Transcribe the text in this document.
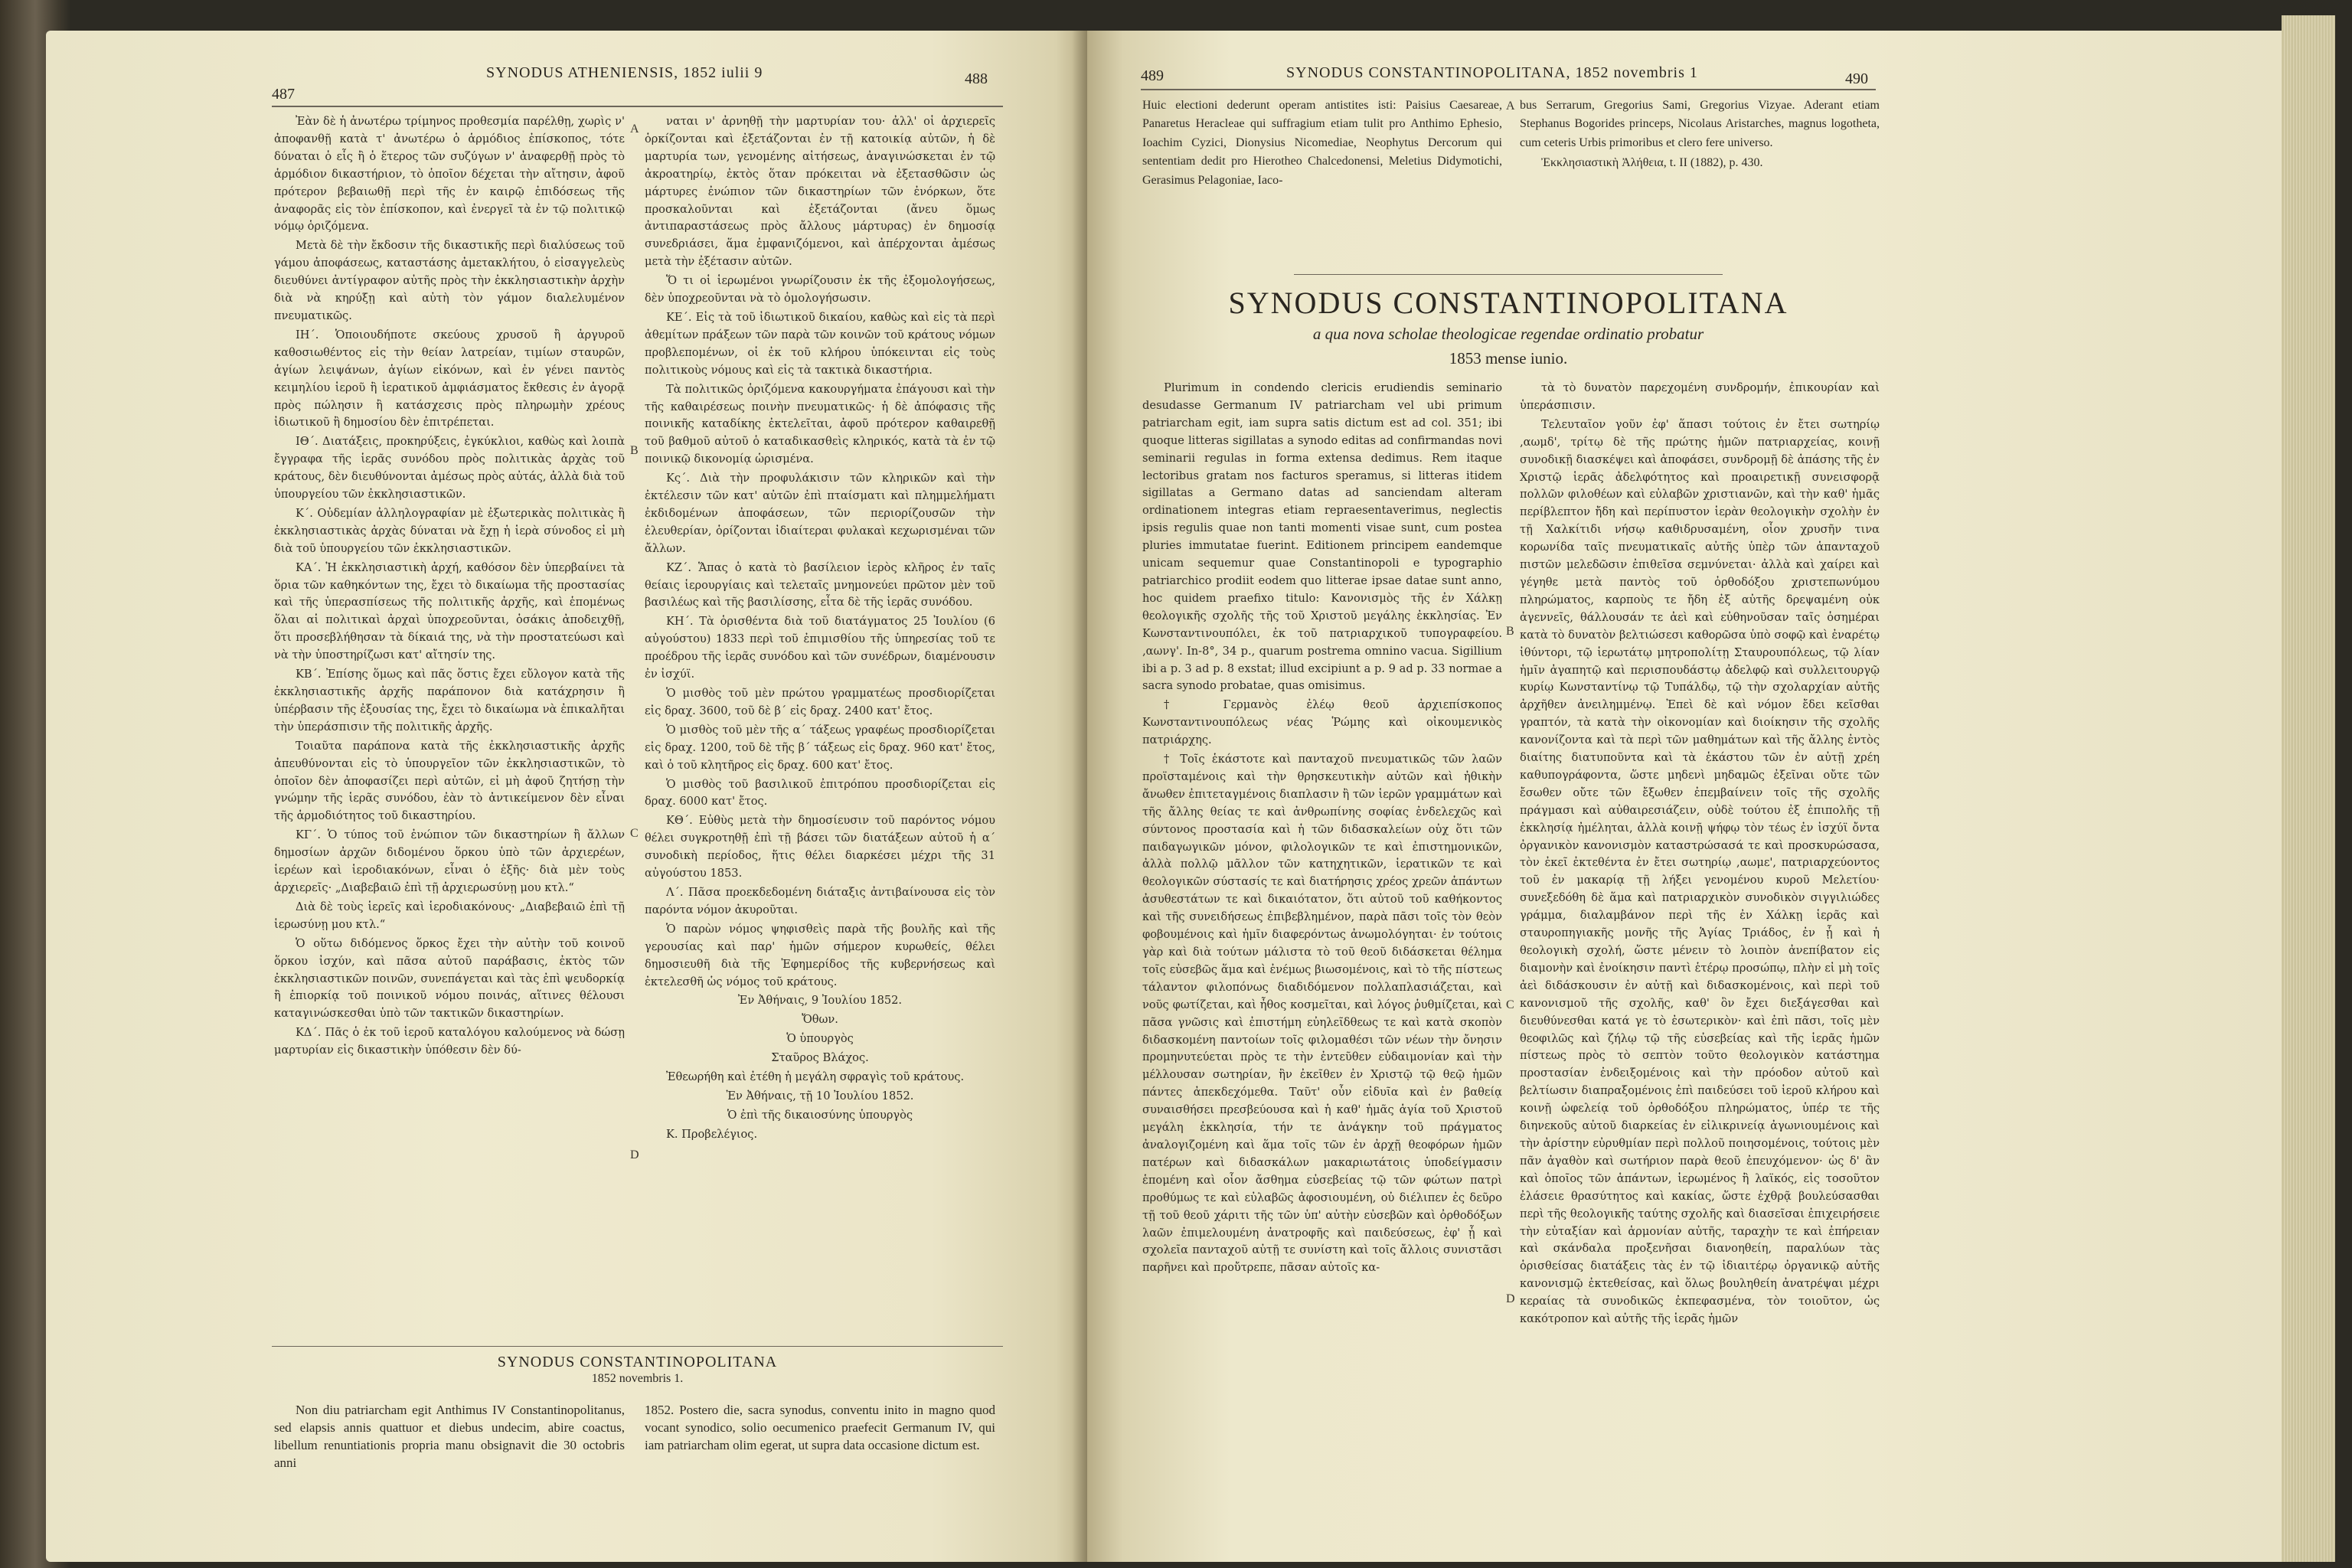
487
SYNODUS ATHENIENSIS, 1852 iulii 9	488

Ἐὰν δὲ ἡ ἀνωτέρω τρίμηνος προθεσμία παρέλθῃ, χωρὶς ν' ἀποφανθῇ κατὰ τ' ἀνωτέρω ὁ ἁρμόδιος ἐπίσκοπος, τότε δύναται ὁ εἷς ἢ ὁ ἕτερος τῶν συζύγων ν' ἀναφερθῇ πρὸς τὸ ἁρμόδιον δικαστήριον, τὸ ὁποῖον δέχεται τὴν αἴτησιν, ἀφοῦ πρότερον βεβαιωθῇ περὶ τῆς ἐν καιρῷ ἐπιδόσεως τῆς ἀναφορᾶς εἰς τὸν ἐπίσκοπον, καὶ ἐνεργεῖ τὰ ἐν τῷ πολιτικῷ νόμῳ ὁριζόμενα.

Μετὰ δὲ τὴν ἔκδοσιν τῆς δικαστικῆς περὶ διαλύσεως τοῦ γάμου ἀποφάσεως, καταστάσης ἀμετακλήτου, ὁ εἰσαγγελεὺς διευθύνει ἀντίγραφον αὐτῆς πρὸς τὴν ἐκκλησιαστικὴν ἀρχὴν διὰ νὰ κηρύξῃ καὶ αὐτὴ τὸν γάμον διαλελυμένον πνευματικῶς.

ΙΗ΄. Ὁποιουδήποτε σκεύους χρυσοῦ ἢ ἀργυροῦ καθοσιωθέντος εἰς τὴν θείαν λατρείαν, τιμίων σταυρῶν, ἁγίων λειψάνων, ἁγίων εἰκόνων, καὶ ἐν γένει παντὸς κειμηλίου ἱεροῦ ἢ ἱερατικοῦ ἀμφιάσματος ἔκθεσις ἐν ἀγορᾷ πρὸς πώλησιν ἢ κατάσχεσις πρὸς πληρωμὴν χρέους ἰδιωτικοῦ ἢ δημοσίου δὲν ἐπιτρέπεται.

ΙΘ΄. Διατάξεις, προκηρύξεις, ἐγκύκλιοι, καθὼς καὶ λοιπὰ ἔγγραφα τῆς ἱερᾶς συνόδου πρὸς πολιτικὰς ἀρχὰς τοῦ κράτους, δὲν διευθύνονται ἀμέσως πρὸς αὐτάς, ἀλλὰ διὰ τοῦ ὑπουργείου τῶν ἐκκλησιαστικῶν.

Κ΄. Οὐδεμίαν ἀλληλογραφίαν μὲ ἐξωτερικὰς πολιτικὰς ἢ ἐκκλησιαστικὰς ἀρχὰς δύναται νὰ ἔχῃ ἡ ἱερὰ σύνοδος εἰ μὴ διὰ τοῦ ὑπουργείου τῶν ἐκκλησιαστικῶν.

ΚΑ΄. Ἡ ἐκκλησιαστικὴ ἀρχή, καθόσον δὲν ὑπερβαίνει τὰ ὅρια τῶν καθηκόντων της, ἔχει τὸ δικαίωμα τῆς προστασίας καὶ τῆς ὑπερασπίσεως τῆς πολιτικῆς ἀρχῆς, καὶ ἑπομένως ὅλαι αἱ πολιτικαὶ ἀρχαὶ ὑποχρεοῦνται, ὁσάκις ἀποδειχθῇ, ὅτι προσεβλήθησαν τὰ δίκαιά της, νὰ τὴν προστατεύωσι καὶ νὰ τὴν ὑποστηρίζωσι κατ' αἴτησίν της.

ΚΒ΄. Ἐπίσης ὅμως καὶ πᾶς ὅστις ἔχει εὔλογον κατὰ τῆς ἐκκλησιαστικῆς ἀρχῆς παράπονον διὰ κατάχρησιν ἢ ὑπέρβασιν τῆς ἐξουσίας της, ἔχει τὸ δικαίωμα νὰ ἐπικαλῆται τὴν ὑπεράσπισιν τῆς πολιτικῆς ἀρχῆς.

Τοιαῦτα παράπονα κατὰ τῆς ἐκκλησιαστικῆς ἀρχῆς ἀπευθύνονται εἰς τὸ ὑπουργεῖον τῶν ἐκκλησιαστικῶν, τὸ ὁποῖον δὲν ἀποφασίζει περὶ αὐτῶν, εἰ μὴ ἀφοῦ ζητήσῃ τὴν γνώμην τῆς ἱερᾶς συνόδου, ἐὰν τὸ ἀντικείμενον δὲν εἶναι τῆς ἁρμοδιότητος τοῦ δικαστηρίου.

ΚΓ΄. Ὁ τύπος τοῦ ἐνώπιον τῶν δικαστηρίων ἢ ἄλλων δημοσίων ἀρχῶν διδομένου ὅρκου ὑπὸ τῶν ἀρχιερέων, ἱερέων καὶ ἱεροδιακόνων, εἶναι ὁ ἑξῆς· διὰ μὲν τοὺς ἀρχιερεῖς· „Διαβεβαιῶ ἐπὶ τῇ ἀρχιερωσύνῃ μου κτλ.“

Διὰ δὲ τοὺς ἱερεῖς καὶ ἱεροδιακόνους· „Διαβεβαιῶ ἐπὶ τῇ ἱερωσύνῃ μου κτλ.“

Ὁ οὕτω διδόμενος ὅρκος ἔχει τὴν αὐτὴν τοῦ κοινοῦ ὅρκου ἰσχύν, καὶ πᾶσα αὐτοῦ παράβασις, ἐκτὸς τῶν ἐκκλησιαστικῶν ποινῶν, συνεπάγεται καὶ τὰς ἐπὶ ψευδορκίᾳ ἢ ἐπιορκίᾳ τοῦ ποινικοῦ νόμου ποινάς, αἵτινες θέλουσι καταγινώσκεσθαι ὑπὸ τῶν τακτικῶν δικαστηρίων.

ΚΔ΄. Πᾶς ὁ ἐκ τοῦ ἱεροῦ καταλόγου καλούμενος νὰ δώσῃ μαρτυρίαν εἰς δικαστικὴν ὑπόθεσιν δὲν δύ-

ναται ν' ἀρνηθῇ τὴν μαρτυρίαν του· ἀλλ' οἱ ἀρχιερεῖς ὁρκίζονται καὶ ἐξετάζονται ἐν τῇ κατοικίᾳ αὐτῶν, ἡ δὲ μαρτυρία των, γενομένης αἰτήσεως, ἀναγινώσκεται ἐν τῷ ἀκροατηρίῳ, ἐκτὸς ὅταν πρόκειται νὰ ἐξετασθῶσιν ὡς μάρτυρες ἐνώπιον τῶν δικαστηρίων τῶν ἐνόρκων, ὅτε προσκαλοῦνται καὶ ἐξετάζονται (ἄνευ ὅμως ἀντιπαραστάσεως πρὸς ἄλλους μάρτυρας) ἐν δημοσίᾳ συνεδριάσει, ἅμα ἐμφανιζόμενοι, καὶ ἀπέρχονται ἀμέσως μετὰ τὴν ἐξέτασιν αὐτῶν.

Ὅ τι οἱ ἱερωμένοι γνωρίζουσιν ἐκ τῆς ἐξομολογήσεως, δὲν ὑποχρεοῦνται νὰ τὸ ὁμολογήσωσιν.

ΚΕ΄. Εἰς τὰ τοῦ ἰδιωτικοῦ δικαίου, καθὼς καὶ εἰς τὰ περὶ ἀθεμίτων πράξεων τῶν παρὰ τῶν κοινῶν τοῦ κράτους νόμων προβλεπομένων, οἱ ἐκ τοῦ κλήρου ὑπόκεινται εἰς τοὺς πολιτικοὺς νόμους καὶ εἰς τὰ τακτικὰ δικαστήρια.

Τὰ πολιτικῶς ὁριζόμενα κακουργήματα ἐπάγουσι καὶ τὴν τῆς καθαιρέσεως ποινὴν πνευματικῶς· ἡ δὲ ἀπόφασις τῆς ποινικῆς καταδίκης ἐκτελεῖται, ἀφοῦ πρότερον καθαιρεθῇ τοῦ βαθμοῦ αὐτοῦ ὁ καταδικασθεὶς κληρικός, κατὰ τὰ ἐν τῷ ποινικῷ δικονομίᾳ ὡρισμένα.

Κς΄. Διὰ τὴν προφυλάκισιν τῶν κληρικῶν καὶ τὴν ἐκτέλεσιν τῶν κατ' αὐτῶν ἐπὶ πταίσματι καὶ πλημμελήματι ἐκδιδομένων ἀποφάσεων, τῶν περιορίζουσῶν τὴν ἐλευθερίαν, ὁρίζονται ἰδιαίτεραι φυλακαὶ κεχωρισμέναι τῶν ἄλλων.

ΚΖ΄. Ἅπας ὁ κατὰ τὸ βασίλειον ἱερὸς κλῆρος ἐν ταῖς θείαις ἱερουργίαις καὶ τελεταῖς μνημονεύει πρῶτον μὲν τοῦ βασιλέως καὶ τῆς βασιλίσσης, εἶτα δὲ τῆς ἱερᾶς συνόδου.

ΚΗ΄. Τὰ ὁρισθέντα διὰ τοῦ διατάγματος 25 Ἰουλίου (6 αὐγούστου) 1833 περὶ τοῦ ἐπιμισθίου τῆς ὑπηρεσίας τοῦ τε προέδρου τῆς ἱερᾶς συνόδου καὶ τῶν συνέδρων, διαμένουσιν ἐν ἰσχύϊ.

Ὁ μισθὸς τοῦ μὲν πρώτου γραμματέως προσδιορίζεται εἰς δραχ. 3600, τοῦ δὲ β΄ εἰς δραχ. 2400 κατ' ἔτος.

Ὁ μισθὸς τοῦ μὲν τῆς α΄ τάξεως γραφέως προσδιορίζεται εἰς δραχ. 1200, τοῦ δὲ τῆς β΄ τάξεως εἰς δραχ. 960 κατ' ἔτος, καὶ ὁ τοῦ κλητῆρος εἰς δραχ. 600 κατ' ἔτος.

Ὁ μισθὸς τοῦ βασιλικοῦ ἐπιτρόπου προσδιορίζεται εἰς δραχ. 6000 κατ' ἔτος.

ΚΘ΄. Εὐθὺς μετὰ τὴν δημοσίευσιν τοῦ παρόντος νόμου θέλει συγκροτηθῇ ἐπὶ τῇ βάσει τῶν διατάξεων αὐτοῦ ἡ α΄ συνοδικὴ περίοδος, ἥτις θέλει διαρκέσει μέχρι τῆς 31 αὐγούστου 1853.

Λ΄. Πᾶσα προεκδεδομένη διάταξις ἀντιβαίνουσα εἰς τὸν παρόντα νόμον ἀκυροῦται.

Ὁ παρὼν νόμος ψηφισθεὶς παρὰ τῆς βουλῆς καὶ τῆς γερουσίας καὶ παρ' ἡμῶν σήμερον κυρωθείς, θέλει δημοσιευθῆ διὰ τῆς Ἐφημερίδος τῆς κυβερνήσεως καὶ ἐκτελεσθῆ ὡς νόμος τοῦ κράτους.

Ἐν Ἀθήναις, 9 Ἰουλίου 1852.

Ὄθων.

Ὁ ὑπουργὸς

Σταῦρος Βλάχος.

Ἐθεωρήθη καὶ ἐτέθη ἡ μεγάλη σφραγὶς τοῦ κράτους.

Ἐν Ἀθήναις, τῇ 10 Ἰουλίου 1852.

Ὁ ἐπὶ τῆς δικαιοσύνης ὑπουργὸς

Κ. Προβελέγιος.

A
B
C
D
SYNODUS CONSTANTINOPOLITANA
1852 novembris 1.

Non diu patriarcham egit Anthimus IV Constantinopolitanus, sed elapsis annis quattuor et diebus undecim, abire coactus, libellum renuntiationis propria manu obsignavit die 30 octobris anni

1852. Postero die, sacra synodus, conventu inito in magno quod vocant synodico, solio oecumenico praefecit Germanum IV, qui iam patriarcham olim egerat, ut supra data occasione dictum est.

489	SYNODUS CONSTANTINOPOLITANA, 1852 novembris 1	490

Huic electioni dederunt operam antistites isti: Paisius Caesareae, Panaretus Heracleae qui suffragium etiam tulit pro Anthimo Ephesio, Ioachim Cyzici, Dionysius Nicomediae, Neophytus Dercorum qui sententiam dedit pro Hierotheo Chalcedonensi, Meletius Didymotichi, Gerasimus Pelagoniae, Iaco-

bus Serrarum, Gregorius Sami, Gregorius Vizyae. Aderant etiam Stephanus Bogorides princeps, Nicolaus Aristarches, magnus logotheta, cum ceteris Urbis primoribus et clero fere universo.

Ἐκκλησιαστικὴ Ἀλήθεια, t. II (1882), p. 430.

SYNODUS CONSTANTINOPOLITANA
a qua nova scholae theologicae regendae ordinatio probatur
1853 mense iunio.

Plurimum in condendo clericis erudiendis seminario desudasse Germanum IV patriarcham vel ubi primum patriarcham egit, iam supra satis dictum est ad col. 351; ibi quoque litteras sigillatas a synodo editas ad confirmandas novi seminarii regulas in forma extensa dedimus. Rem itaque lectoribus gratam nos facturos speramus, si litteras itidem sigillatas a Germano datas ad sanciendam alteram ordinationem integras etiam repraesentaverimus, neglectis ipsis regulis quae non tanti momenti visae sunt, cum postea pluries immutatae fuerint. Editionem principem eandemque unicam sequemur quae Constantinopoli e typographio patriarchico prodiit eodem quo litterae ipsae datae sunt anno, hoc quidem praefixo titulo: Κανονισμὸς τῆς ἐν Χάλκῃ θεολογικῆς σχολῆς τῆς τοῦ Χριστοῦ μεγάλης ἐκκλησίας. Ἐν Κωνσταντινουπόλει, ἐκ τοῦ πατριαρχικοῦ τυπογραφείου. ‚αωνγ'. In-8°, 34 p., quarum postrema omnino vacua. Sigillium ibi a p. 3 ad p. 8 exstat; illud excipiunt a p. 9 ad p. 33 normae a sacra synodo probatae, quas omisimus.

† Γερμανὸς ἐλέῳ θεοῦ ἀρχιεπίσκοπος Κωνσταντινουπόλεως νέας Ῥώμης καὶ οἰκουμενικὸς πατριάρχης.

† Τοῖς ἑκάστοτε καὶ πανταχοῦ πνευματικῶς τῶν λαῶν προϊσταμένοις καὶ τὴν θρησκευτικὴν αὐτῶν καὶ ἠθικὴν ἄνωθεν ἐπιτεταγμένοις διαπλασιν ἢ τῶν ἱερῶν γραμμάτων καὶ τῆς ἄλλης θείας τε καὶ ἀνθρωπίνης σοφίας ἐνδελεχῶς καὶ σύντονος προστασία καὶ ἡ τῶν διδασκαλείων οὐχ ὅτι τῶν παιδαγωγικῶν μόνον, φιλολογικῶν τε καὶ ἐπιστημονικῶν, ἀλλὰ πολλῷ μᾶλλον τῶν κατηχητικῶν, ἱερατικῶν τε καὶ θεολογικῶν σύστασίς τε καὶ διατήρησις χρέος χρεῶν ἁπάντων ἀσυθεστάτων τε καὶ δικαιότατον, ὅτι αὐτοῦ τοῦ καθήκοντος καὶ τῆς συνειδήσεως ἐπιβεβλημένον, παρὰ πᾶσι τοῖς τὸν θεὸν φοβουμένοις καὶ ἡμῖν διαφερόντως ἀνωμολόγηται· ἐν τούτοις γὰρ καὶ διὰ τούτων μάλιστα τὸ τοῦ θεοῦ διδάσκεται θέλημα τοῖς εὐσεβῶς ἅμα καὶ ἐνέμως βιωσομένοις, καὶ τὸ τῆς πίστεως τάλαντον φιλοπόνως διαδιδόμενον πολλαπλασιάζεται, καὶ νοῦς φωτίζεται, καὶ ἦθος κοσμεῖται, καὶ λόγος ῥυθμίζεται, καὶ πᾶσα γνῶσις καὶ ἐπιστήμη εὐηλεῖδθεως τε καὶ κατὰ σκοπὸν διδασκομένη παντοίων τοῖς φιλομαθέσι τῶν νέων τὴν ὄνησιν προμηνυτεύεται πρὸς τε τὴν ἐντεῦθεν εὐδαιμονίαν καὶ τὴν μέλλουσαν σωτηρίαν, ἣν ἐκεῖθεν ἐν Χριστῷ τῷ θεῷ ἡμῶν πάντες ἀπεκδεχόμεθα. Ταῦτ' οὖν εἰδυῖα καὶ ἐν βαθείᾳ συναισθήσει πρεσβεύουσα καὶ ἡ καθ' ἡμᾶς ἁγία τοῦ Χριστοῦ μεγάλη ἐκκλησία, τήν τε ἀνάγκην τοῦ πράγματος ἀναλογιζομένη καὶ ἅμα τοῖς τῶν ἐν ἀρχῇ θεοφόρων ἡμῶν πατέρων καὶ διδασκάλων μακαριωτάτοις ὑποδείγμασιν ἑπομένη καὶ οἷον ἄσθημα εὐσεβείας τῷ τῶν φώτων πατρὶ προθύμως τε καὶ εὐλαβῶς ἀφοσιουμένη, οὐ διέλιπεν ἐς δεῦρο τῇ τοῦ θεοῦ χάριτι τῆς τῶν ὑπ' αὐτὴν εὐσεβῶν καὶ ὀρθοδόξων λαῶν ἐπιμελουμένη ἀνατροφῆς καὶ παιδεύσεως, ἐφ' ᾗ καὶ σχολεῖα πανταχοῦ αὐτῇ τε συνίστη καὶ τοῖς ἄλλοις συνιστᾶσι παρῆνει καὶ προὔτρεπε, πᾶσαν αὐτοῖς κα-

τὰ τὸ δυνατὸν παρεχομένη συνδρομήν, ἐπικουρίαν καὶ ὑπεράσπισιν.

Τελευταῖον γοῦν ἐφ' ἅπασι τούτοις ἐν ἔτει σωτηρίῳ ‚αωμδ', τρίτῳ δὲ τῆς πρώτης ἡμῶν πατριαρχείας, κοινῇ συνοδικῇ διασκέψει καὶ ἀποφάσει, συνδρομῇ δὲ ἁπάσης τῆς ἐν Χριστῷ ἱερᾶς ἀδελφότητος καὶ προαιρετικῇ συνεισφορᾷ πολλῶν φιλοθέων καὶ εὐλαβῶν χριστιανῶν, καὶ τὴν καθ' ἡμᾶς περίβλεπτον ἤδη καὶ περίπυστον ἱερὰν θεολογικὴν σχολὴν ἐν τῇ Χαλκίτιδι νήσῳ καθιδρυσαμένη, οἷον χρυσῆν τινα κορωνίδα ταῖς πνευματικαῖς αὐτῆς ὑπὲρ τῶν ἁπανταχοῦ πιστῶν μελεδῶσιν ἐπιθεῖσα σεμνύνεται· ἀλλὰ καὶ χαίρει καὶ γέγηθε μετὰ παντὸς τοῦ ὀρθοδόξου χριστεπωνύμου πληρώματος, καρποὺς τε ἤδη ἐξ αὐτῆς δρεψαμένη οὐκ ἀγεννεῖς, θάλλουσάν τε ἀεὶ καὶ εὐθηνοῦσαν ταῖς ὁσημέραι κατὰ τὸ δυνατὸν βελτιώσεσι καθορῶσα ὑπὸ σοφῷ καὶ ἐναρέτῳ ἰθύντορι, τῷ ἱερωτάτῳ μητροπολίτῃ Σταυρουπόλεως, τῷ λίαν ἡμῖν ἀγαπητῷ καὶ περισπουδάστῳ ἀδελφῷ καὶ συλλειτουργῷ κυρίῳ Κωνσταντίνῳ τῷ Τυπάλδῳ, τῷ τὴν σχολαρχίαν αὐτῆς ἀρχῆθεν ἀνειλημμένῳ. Ἐπεὶ δὲ καὶ νόμον ἔδει κεῖσθαι γραπτόν, τὰ κατὰ τὴν οἰκονομίαν καὶ διοίκησιν τῆς σχολῆς κανονίζοντα καὶ τὰ περὶ τῶν μαθημάτων καὶ τῆς ἄλλης ἐντὸς διαίτης διατυποῦντα καὶ τὰ ἑκάστου τῶν ἐν αὐτῇ χρέη καθυπογράφοντα, ὥστε μηδενὶ μηδαμῶς ἐξεῖναι οὔτε τῶν ἔσωθεν οὔτε τῶν ἔξωθεν ἐπεμβαίνειν τοῖς τῆς σχολῆς πράγμασι καὶ αὐθαιρεσιάζειν, οὐδὲ τούτου ἐξ ἐπιπολῆς τῇ ἐκκλησίᾳ ἠμέληται, ἀλλὰ κοινῇ ψήφῳ τὸν τέως ἐν ἰσχύϊ ὄντα ὀργανικὸν κανονισμὸν καταστρώσασά τε καὶ προσκυρώσασα, τὸν ἐκεῖ ἐκτεθέντα ἐν ἔτει σωτηρίῳ ‚αωμε', πατριαρχεύοντος τοῦ ἐν μακαρίᾳ τῇ λήξει γενομένου κυροῦ Μελετίου· συνεξεδόθη δὲ ἅμα καὶ πατριαρχικὸν συνοδικὸν σιγγιλιώδες γράμμα, διαλαμβάνον περὶ τῆς ἐν Χάλκῃ ἱερᾶς καὶ σταυροπηγιακῆς μονῆς τῆς Ἁγίας Τριάδος, ἐν ᾗ καὶ ἡ θεολογικὴ σχολή, ὥστε μένειν τὸ λοιπὸν ἀνεπίβατον εἰς διαμονὴν καὶ ἐνοίκησιν παντὶ ἑτέρῳ προσώπῳ, πλὴν εἰ μὴ τοῖς ἀεὶ διδάσκουσιν ἐν αὐτῇ καὶ διδασκομένοις, καὶ περὶ τοῦ κανονισμοῦ τῆς σχολῆς, καθ' ὃν ἔχει διεξάγεσθαι καὶ διευθύνεσθαι κατά γε τὸ ἐσωτερικὸν· καὶ ἐπὶ πᾶσι, τοῖς μὲν θεοφιλῶς καὶ ζήλῳ τῷ τῆς εὐσεβείας καὶ τῆς ἱερᾶς ἡμῶν πίστεως πρὸς τὸ σεπτὸν τοῦτο θεολογικὸν κατάστημα προστασίαν ἐνδειξομένοις καὶ τὴν πρόοδον αὐτοῦ καὶ βελτίωσιν διαπραξομένοις ἐπὶ παιδεύσει τοῦ ἱεροῦ κλήρου καὶ κοινῇ ὠφελείᾳ τοῦ ὀρθοδόξου πληρώματος, ὑπέρ τε τῆς διηνεκοῦς αὐτοῦ διαρκείας ἐν εἰλικρινείᾳ ἀγωνιουμένοις καὶ τὴν ἀρίστην εὐρυθμίαν περὶ πολλοῦ ποιησομένοις, τούτοις μὲν πᾶν ἀγαθὸν καὶ σωτήριον παρὰ θεοῦ ἐπευχόμενον· ὡς δ' ἂν καὶ ὁποῖος τῶν ἁπάντων, ἱερωμένος ἢ λαϊκός, εἰς τοσοῦτον ἐλάσειε θρασύτητος καὶ κακίας, ὥστε ἐχθρᾷ βουλεύσασθαι περὶ τῆς θεολογικῆς ταύτης σχολῆς καὶ διασεῖσαι ἐπιχειρήσειε τὴν εὐταξίαν καὶ ἁρμονίαν αὐτῆς, ταραχὴν τε καὶ ἐπήρειαν καὶ σκάνδαλα προξενῆσαι διανοηθείη, παραλύων τὰς ὁρισθείσας διατάξεις τὰς ἐν τῷ ἰδιαιτέρῳ ὀργανικῷ αὐτῆς κανονισμῷ ἐκτεθείσας, καὶ ὅλως βουληθείη ἀνατρέψαι μέχρι κεραίας τὰ συνοδικῶς ἐκπεφασμένα, τὸν τοιοῦτον, ὡς κακότροπον καὶ αὐτῆς τῆς ἱερᾶς ἡμῶν

A
B
C
D
